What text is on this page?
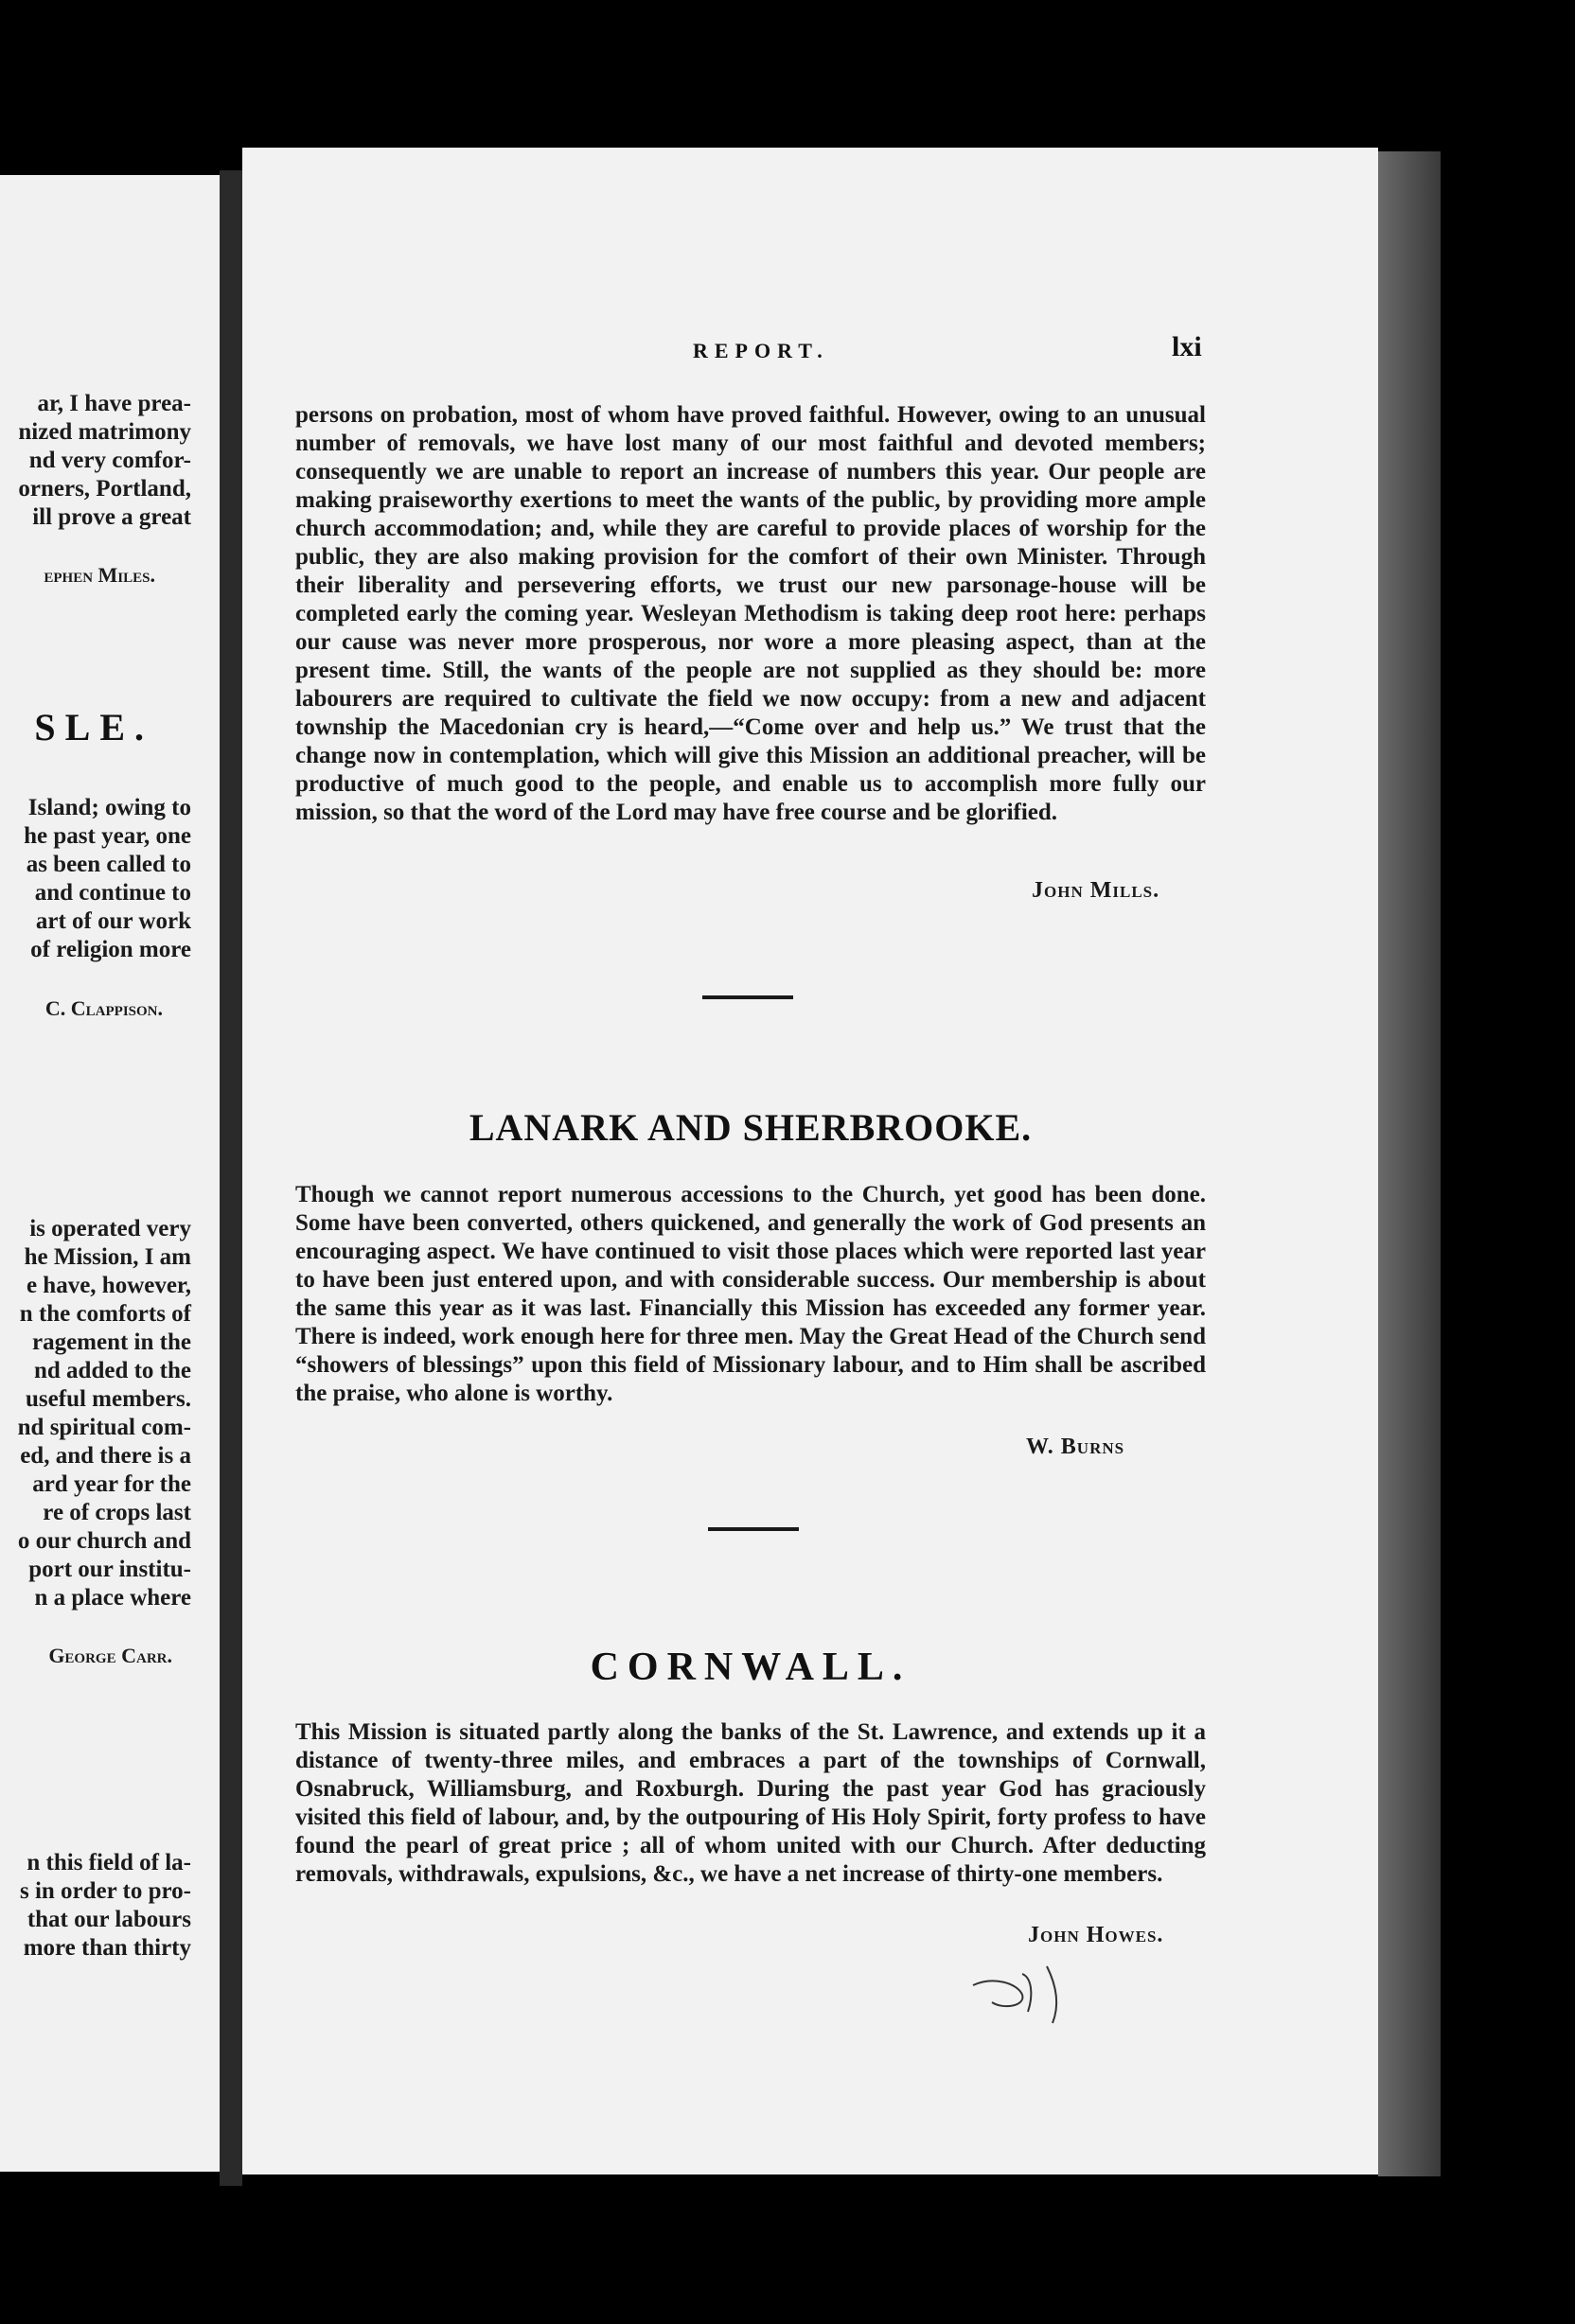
ar, I have prea-
nized matrimony
nd very comfor-
orners, Portland,
ill prove a great
ephen Miles.
SLE.
Island; owing to
he past year, one
as been called to
and continue to
art of our work
of religion more
C. Clappison.
is operated very
he Mission, I am
e have, however,
n the comforts of
ragement in the
nd added to the
useful members.
nd spiritual com-
ed, and there is a
ard year for the
re of crops last
o our church and
port our institu-
n a place where
George Carr.
n this field of la-
s in order to pro-
that our labours
more than thirty
REPORT.	lxi
persons on probation, most of whom have proved faithful. However, owing to an unusual number of removals, we have lost many of our most faithful and devoted members; consequently we are unable to report an increase of numbers this year. Our people are making praiseworthy exertions to meet the wants of the public, by providing more ample church accommodation; and, while they are careful to provide places of worship for the public, they are also making provision for the comfort of their own Minister. Through their liberality and persevering efforts, we trust our new parsonage-house will be completed early the coming year. Wesleyan Methodism is taking deep root here: perhaps our cause was never more prosperous, nor wore a more pleasing aspect, than at the present time. Still, the wants of the people are not supplied as they should be: more labourers are required to cultivate the field we now occupy: from a new and adjacent township the Macedonian cry is heard,—“Come over and help us.” We trust that the change now in contemplation, which will give this Mission an additional preacher, will be productive of much good to the people, and enable us to accomplish more fully our mission, so that the word of the Lord may have free course and be glorified.
John Mills.
LANARK AND SHERBROOKE.
Though we cannot report numerous accessions to the Church, yet good has been done. Some have been converted, others quickened, and generally the work of God presents an encouraging aspect. We have continued to visit those places which were reported last year to have been just entered upon, and with considerable success. Our membership is about the same this year as it was last. Financially this Mission has exceeded any former year. There is indeed, work enough here for three men. May the Great Head of the Church send “showers of blessings” upon this field of Missionary labour, and to Him shall be ascribed the praise, who alone is worthy.
W. Burns
CORNWALL.
This Mission is situated partly along the banks of the St. Lawrence, and extends up it a distance of twenty-three miles, and embraces a part of the townships of Cornwall, Osnabruck, Williamsburg, and Roxburgh. During the past year God has graciously visited this field of labour, and, by the outpouring of His Holy Spirit, forty profess to have found the pearl of great price ; all of whom united with our Church. After deducting removals, withdrawals, expulsions, &c., we have a net increase of thirty-one members.
John Howes.
